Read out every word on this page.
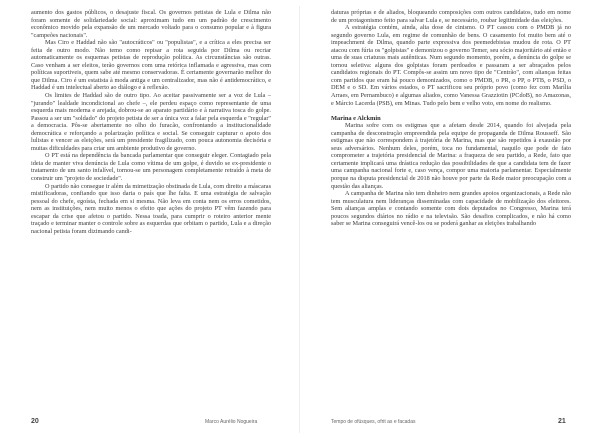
aumento dos gastos públicos, o desajuste fiscal. Os governos petistas de Lula e Dilma não foram somente de solidariedade social: aproximam tudo em um padrão de crescimento econômico movido pela expansão de um mercado voltado para o consumo popular e à figura "campeões nacionais".

Mas Ciro e Haddad não são "autocráticos" ou "populistas", e a crítica a eles precisa ser feita de outro modo. Não temo como repisar a rota seguida por Dilma ou recriar automaticamente os esquemas petistas de reprodução política. As circunstâncias são outras. Caso venham a ser eleitos, terão governos com uma retórica inflamada e agressiva, mas com políticas suportiveis, quem sabe até mesmo conservadoras. É certamente governarão melhor do que Dilma. Ciro é um estatista à moda antiga e um centralizador, mas não é antidemocrático, e Haddad é um intelectual aberto ao diálogo e à reflexão.

Os limites de Haddad são de outro tipo. Ao aceitar passivamente ser a voz de Lula – "jurando" lealdade incondicional ao chefe –, ele perdeu espaço como representante de uma esquerda mais moderna e arejada, dobrou-se ao aparato partidário e à narrativa tosca do golpe. Passou a ser um "soldado" do projeto petista de ser a única voz a falar pela esquerda e "regular" a democracia. Pôs-se abertamente no olho do furacão, confrontando a institucionalidade democrática e reforçando a polarização política e social. Se conseguir capturar o apoio dos lulistas e vencer as eleições, será um presidente fragilizado, com pouca autonomia decisória e muitas dificuldades para criar um ambiente produtivo de governo.

O PT está na dependência da bancada parlamentar que conseguir eleger. Contagiado pela ideia de manter viva denúncia de Lula como vítima de um golpe, é duvido se ex-presidente o tratamento de um santo infalível, tornou-se um personagem completamente retraído à meta de construir um "projeto de sociedade".

O partido não consegue ir além da mimetização obstinada de Lula, com direito a máscaras mistificadoras, confiando que isso daria o país que lhe falta. E uma estratégia de salvação pessoal do chefe, egoísta, fechada em si mesma. Não leva em conta nem os erros cometidos, nem as instituições, nem muito menos o efeito que ações do projeto PT vêm fazendo para escapar da crise que afetou o partido. Nessa toada, para cumprir o roteiro anterior mente traçado e terminar manter o controle sobre as esquerdas que orbitam o partido, Lula e a direção nacional petista foram dizimando candi-

daturas próprias e de aliados, bloqueando composições com outros candidatos, tudo em nome de um protagonismo feito para salvar Lula e, se necessário, roubar legitimidade das eleições.

A estratégia contém, ainda, alta dose de cinismo. O PT cassou com o PMDB já no segundo governo Lula, em regime de comunhão de bens. O casamento foi muito bem até o impeachment de Dilma, quando parte expressiva dos peemedebistas mudou de rota. O PT atacou com fúria os "golpistas" e demonizou o governo Temer, seu sócio majoritário até então e uma de suas criaturas mais autênticas. Num segundo momento, porém, a denúncia do golpe se tornou seletiva: alguns dos golpistas foram perdoados e passaram a ser abraçados pelos candidatos regionais do PT. Compôs-se assim um novo tipo de "Centrão", com alianças feitas com partidos que eram há pouco demonizados, como o PMDB, o PR, o PP, o PTB, o PSD, o DEM e o SD. Em vários estados, o PT sacrificou seu próprio povo (como fez com Marília Arraes, em Pernambuco) e algumas aliados, como Vanessa Grazziotin (PCdoB), no Amazonas, e Márcio Lacerda (PSB), em Minas. Tudo pelo bem e velho voto, em nome do realismo.

Marina e Alckmin

Marina sofre com os estigmas que a afetam desde 2014, quando foi alvejada pela campanha de desconstrução empreendida pela equipe de propaganda de Dilma Rousseff. São estigmas que não correspondem à trajetória de Marina, mas que são repetidos à exaustão por seus adversários. Nenhum deles, porém, toca no fundamental, naquilo que pode de fato comprometer a trajetória presidencial de Marina: a fraqueza de seu partido, a Rede, fato que certamente implicará uma drástica redução das possibilidades de que a candidata tem de fazer uma campanha nacional forte e, caso vença, compor uma maioria parlamentar. Especialmente porque na disputa presidencial de 2018 não houve por parte da Rede maior preocupação com a questão das alianças.

A campanha de Marina não tem dinheiro nem grandes apoios organizacionais, a Rede não tem musculatura nem lideranças disseminadas com capacidade de mobilização dos eleitores. Sem alianças amplas e contando somente com dois deputados no Congresso, Marina terá poucos segundos diários no rádio e na televisão. São desafios complicados, e não há como saber se Marina conseguirá vencê-los ou se poderá ganhar as eleições trabalhando

20	Marco Aurélio Nogueira	Tempo de ofúsques, ofrit as e facadas	21
